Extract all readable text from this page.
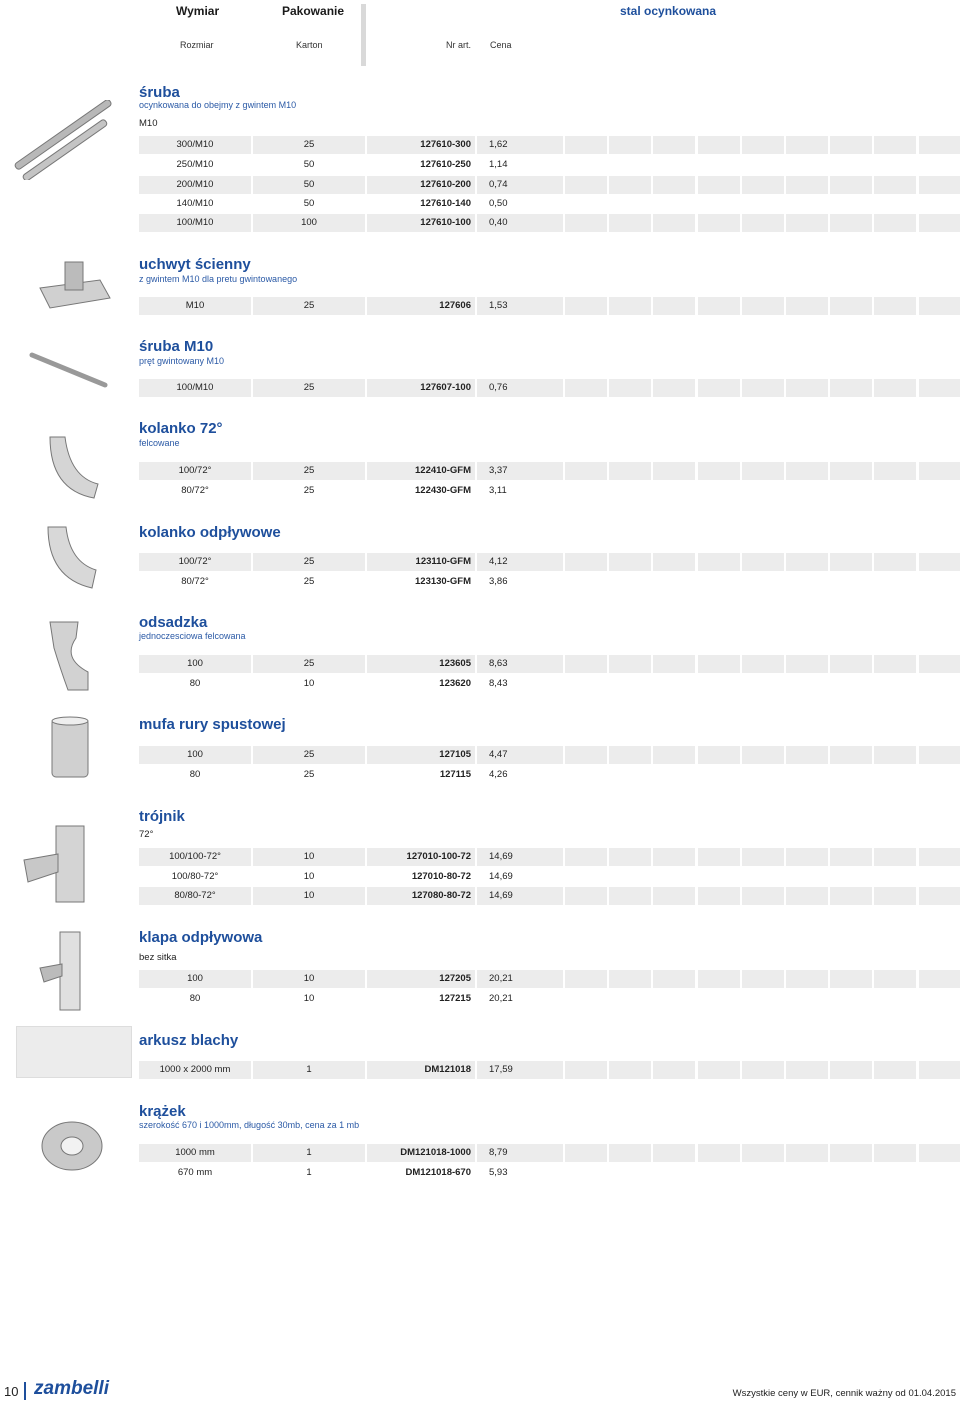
Wymiar	Pakowanie	stal ocynkowana
Rozmiar	Karton	Nr art. Cena
śruba
ocynkowana do obejmy z gwintem M10
M10
300/M10	25	127610-300	1,62
250/M10	50	127610-250	1,14
200/M10	50	127610-200	0,74
140/M10	50	127610-140	0,50
100/M10	100	127610-100	0,40
uchwyt ścienny
z gwintem M10 dla pretu gwintowanego
M10	25	127606	1,53
śruba M10
pręt gwintowany M10
100/M10	25	127607-100	0,76
kolanko 72°
felcowane
100/72°	25	122410-GFM	3,37
80/72°	25	122430-GFM	3,11
kolanko odpływowe
100/72°	25	123110-GFM	4,12
80/72°	25	123130-GFM	3,86
odsadzka
jednoczesciowa felcowana
100	25	123605	8,63
80	10	123620	8,43
mufa rury spustowej
100	25	127105	4,47
80	25	127115	4,26
trójnik
72°
100/100-72°	10	127010-100-72	14,69
100/80-72°	10	127010-80-72	14,69
80/80-72°	10	127080-80-72	14,69
klapa odpływowa
bez sitka
100	10	127205	20,21
80	10	127215	20,21
arkusz blachy
1000 x 2000 mm	1	DM121018	17,59
krążek
szerokość 670 i 1000mm, długość 30mb, cena za 1 mb
1000 mm	1	DM121018-1000	8,79
670 mm	1	DM121018-670	5,93
10 zambelli	Wszystkie ceny w EUR, cennik ważny od 01.04.2015
